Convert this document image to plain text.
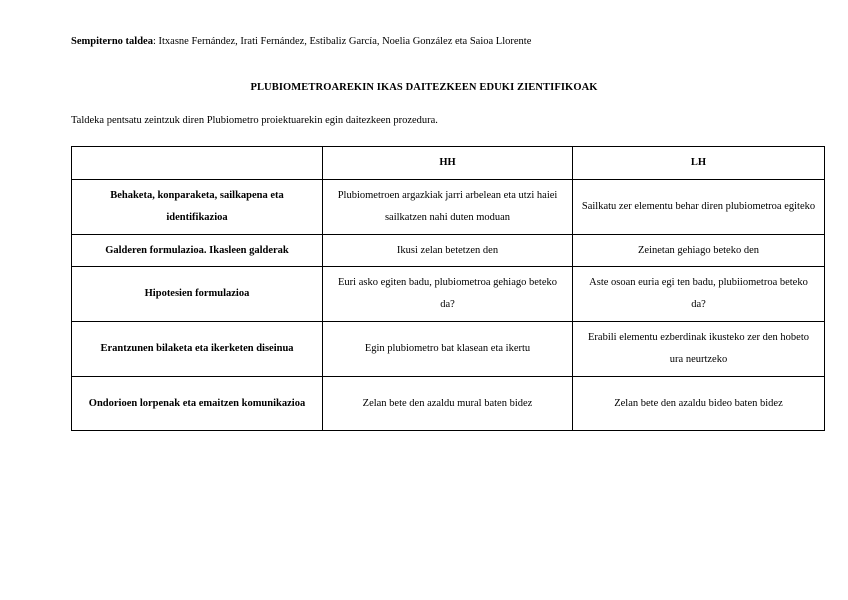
Sempiterno taldea: Itxasne Fernández, Irati Fernández, Estibaliz García, Noelia González eta Saioa Llorente
PLUBIOMETROAREKIN IKAS DAITEZKEEN EDUKI ZIENTIFIKOAK
Taldeka pentsatu zeintzuk diren Plubiometro proiektuarekin egin daitezkeen prozedura.
	HH	LH
Behaketa, konparaketa, sailkapena eta identifikazioa	Plubiometroen argazkiak jarri arbelean eta utzi haiei sailkatzen nahi duten moduan	Sailkatu zer elementu behar diren plubiometroa egiteko
Galderen formulazioa. Ikasleen galderak	Ikusi zelan betetzen den	Zeinetan gehiago beteko den
Hipotesien formulazioa	Euri asko egiten badu, plubiometroa gehiago beteko da?	Aste osoan euria egi ten badu, plubiiometroa beteko da?
Erantzunen bilaketa eta ikerketen diseinua	Egin plubiometro bat klasean eta ikertu	Erabili elementu ezberdinak ikusteko zer den hobeto ura neurtzeko
Ondorioen lorpenak eta emaitzen komunikazioa	Zelan bete den azaldu mural baten bidez	Zelan bete den azaldu bideo baten bidez
